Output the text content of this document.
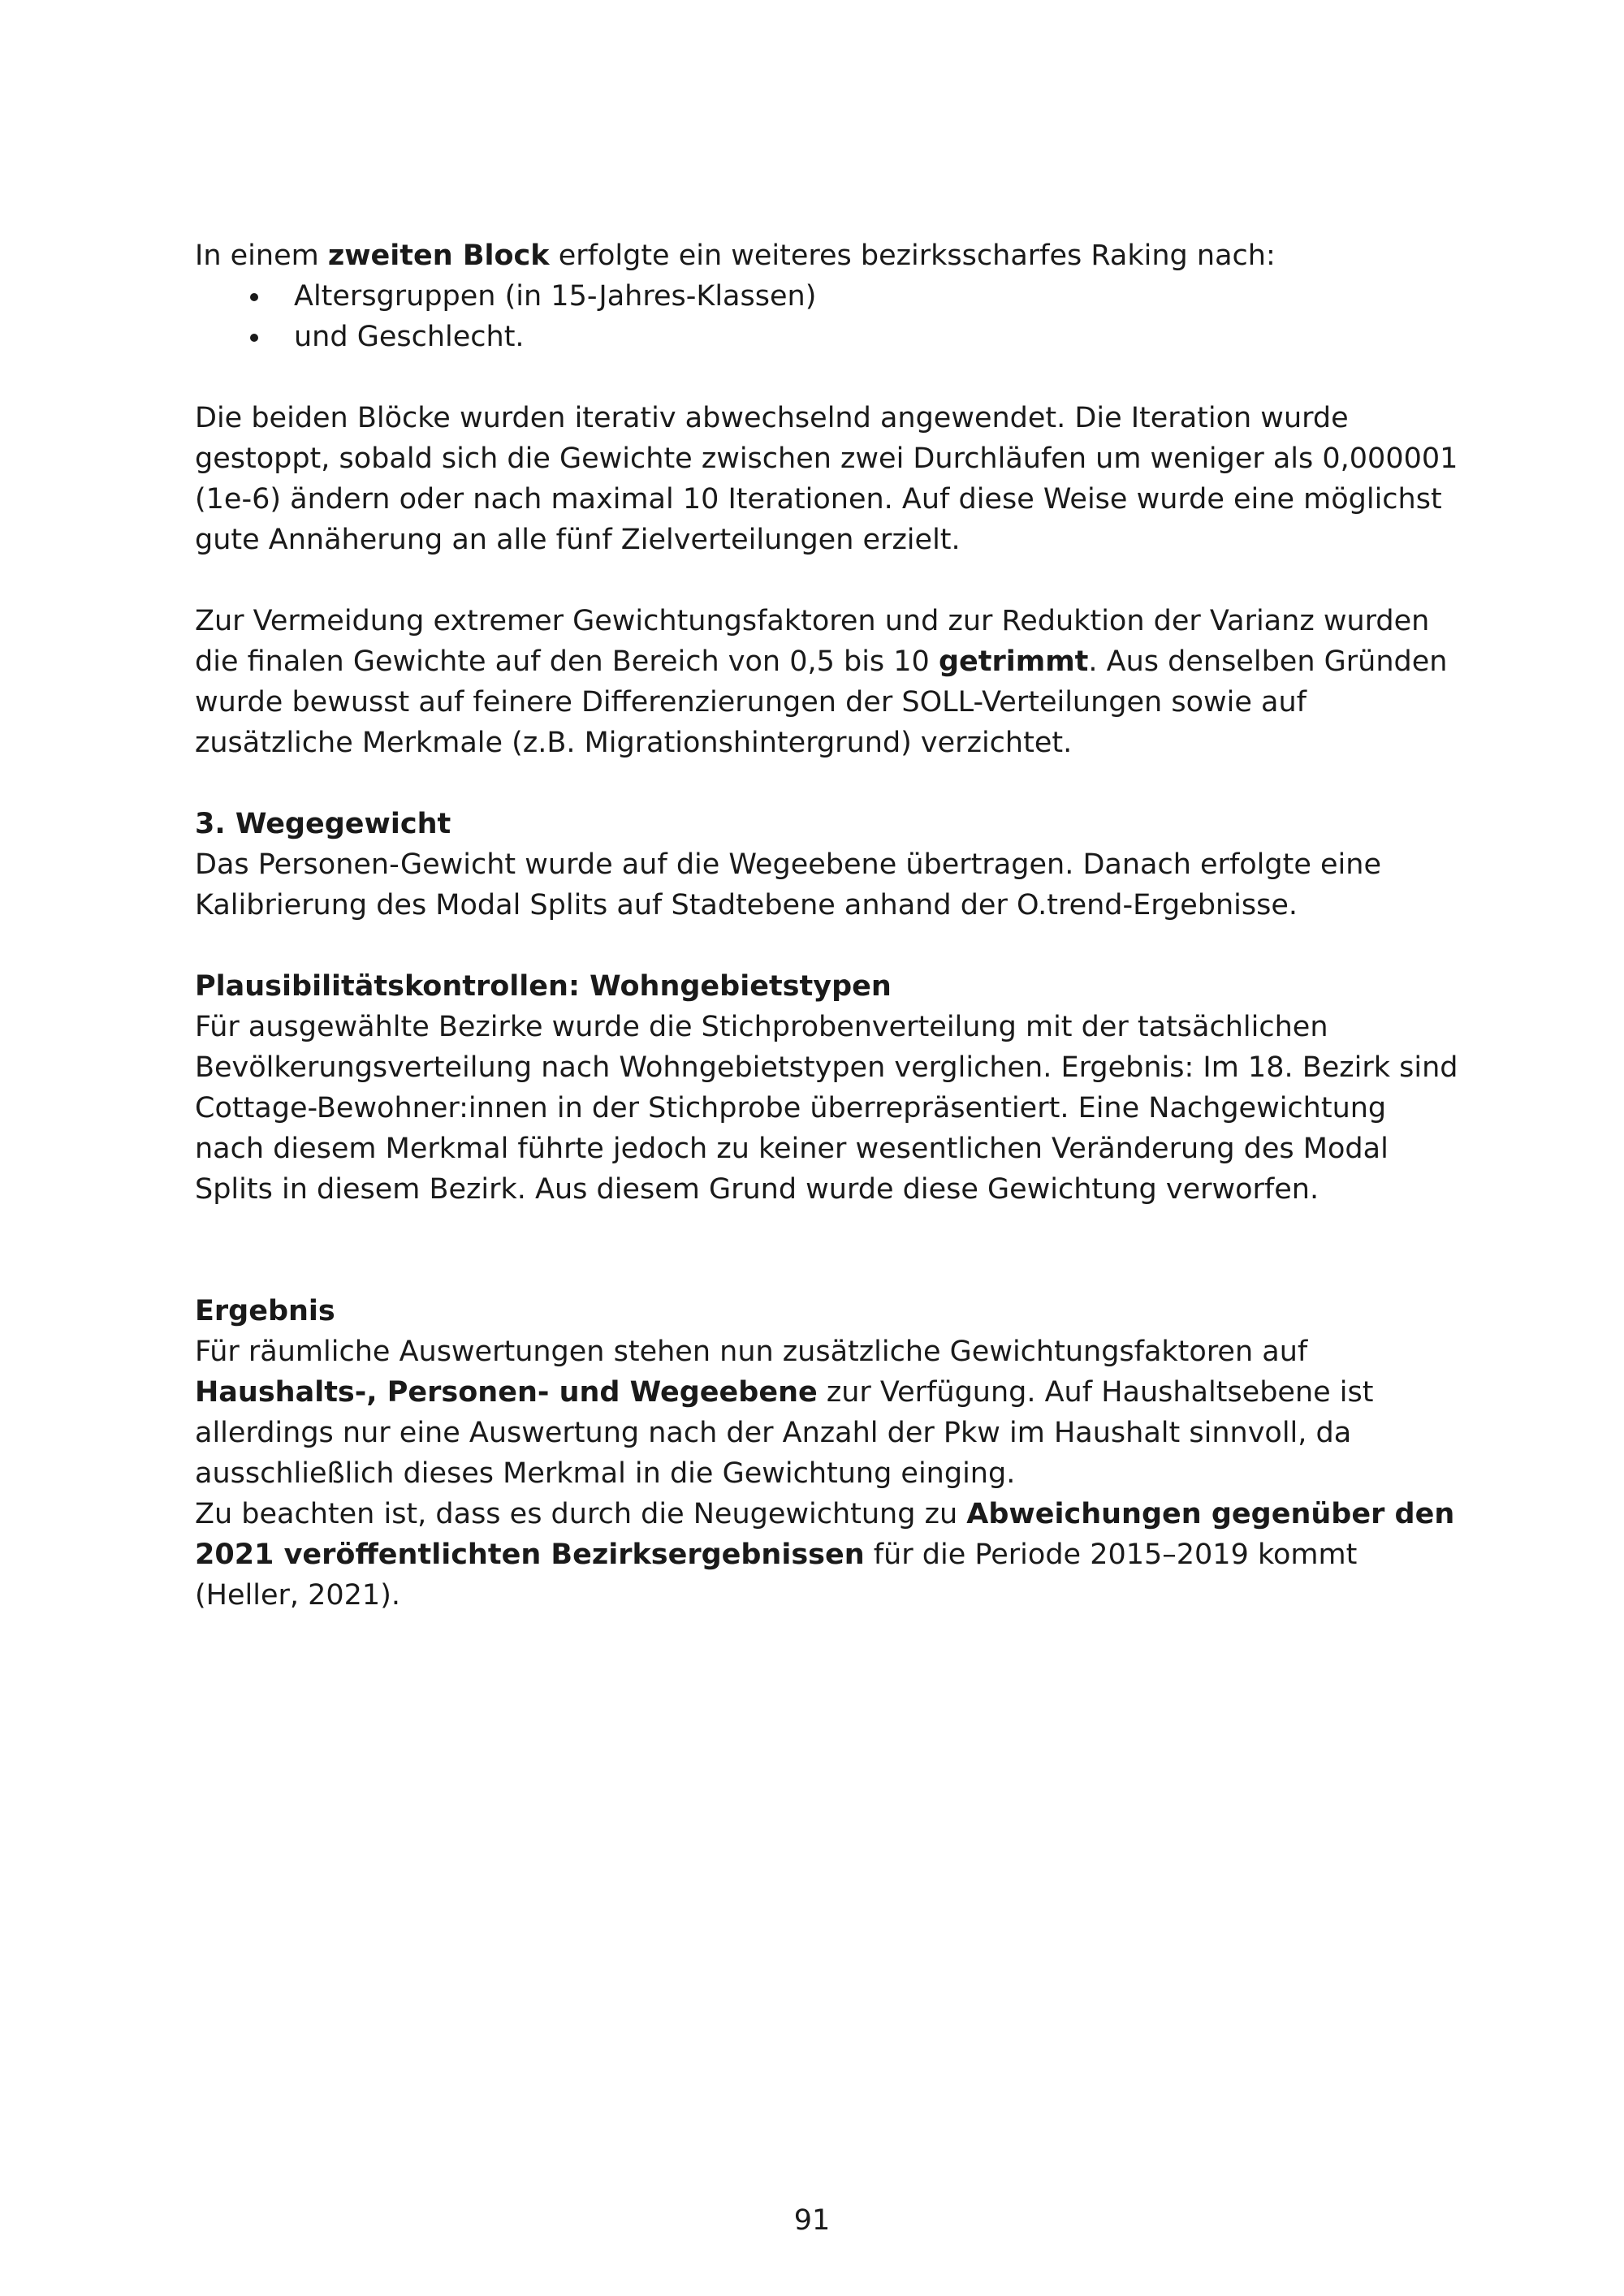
In einem zweiten Block erfolgte ein weiteres bezirksscharfes Raking nach:

Altersgruppen (in 15-Jahres-Klassen)
und Geschlecht.

Die beiden Blöcke wurden iterativ abwechselnd angewendet. Die Iteration wurde gestoppt, sobald sich die Gewichte zwischen zwei Durchläufen um weniger als 0,000001 (1e-6) ändern oder nach maximal 10 Iterationen. Auf diese Weise wurde eine möglichst gute Annäherung an alle fünf Zielverteilungen erzielt.

Zur Vermeidung extremer Gewichtungsfaktoren und zur Reduktion der Varianz wurden die finalen Gewichte auf den Bereich von 0,5 bis 10 getrimmt. Aus denselben Gründen wurde bewusst auf feinere Differenzierungen der SOLL-Verteilungen sowie auf zusätzliche Merkmale (z.B. Migrationshintergrund) verzichtet.

3. Wegegewicht

Das Personen-Gewicht wurde auf die Wegeebene übertragen. Danach erfolgte eine Kalibrierung des Modal Splits auf Stadtebene anhand der O.trend-Ergebnisse.

Plausibilitätskontrollen: Wohngebietstypen

Für ausgewählte Bezirke wurde die Stichprobenverteilung mit der tatsächlichen Bevölkerungsverteilung nach Wohngebietstypen verglichen. Ergebnis: Im 18. Bezirk sind Cottage-Bewohner:innen in der Stichprobe überrepräsentiert. Eine Nachgewichtung nach diesem Merkmal führte jedoch zu keiner wesentlichen Veränderung des Modal Splits in diesem Bezirk. Aus diesem Grund wurde diese Gewichtung verworfen.

Ergebnis

Für räumliche Auswertungen stehen nun zusätzliche Gewichtungsfaktoren auf Haushalts-, Personen- und Wegeebene zur Verfügung. Auf Haushaltsebene ist allerdings nur eine Auswertung nach der Anzahl der Pkw im Haushalt sinnvoll, da ausschließlich dieses Merkmal in die Gewichtung einging.

Zu beachten ist, dass es durch die Neugewichtung zu Abweichungen gegenüber den 2021 veröffentlichten Bezirksergebnissen für die Periode 2015–2019 kommt (Heller, 2021).

91
